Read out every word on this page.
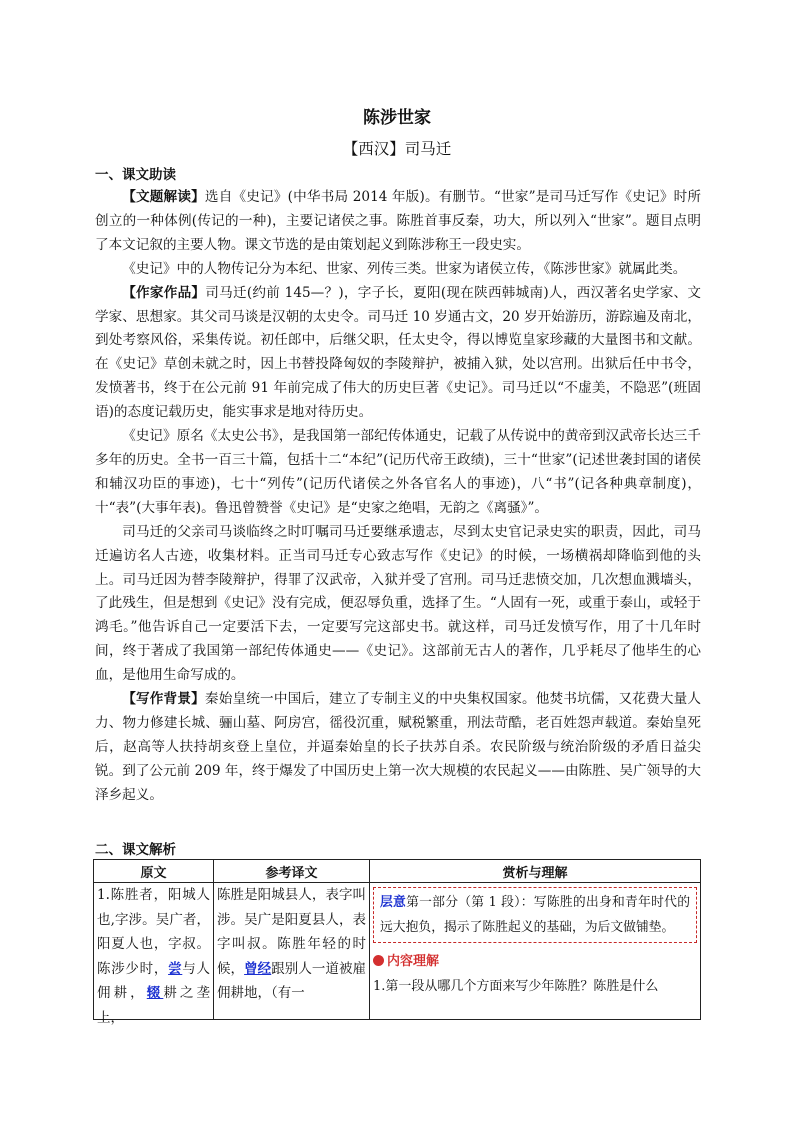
陈涉世家
【西汉】司马迁
一、课文助读

【文题解读】选自《史记》(中华书局 2014 年版)。有删节。“世家”是司马迁写作《史记》时所创立的一种体例(传记的一种)，主要记诸侯之事。陈胜首事反秦，功大，所以列入“世家”。题目点明了本文记叙的主要人物。课文节选的是由策划起义到陈涉称王一段史实。

《史记》中的人物传记分为本纪、世家、列传三类。世家为诸侯立传，《陈涉世家》就属此类。

【作家作品】司马迁(约前 145—？)，字子长，夏阳(现在陕西韩城南)人，西汉著名史学家、文学家、思想家。其父司马谈是汉朝的太史令。司马迁 10 岁通古文，20 岁开始游历，游踪遍及南北，到处考察风俗，采集传说。初任郎中，后继父职，任太史令，得以博览皇家珍藏的大量图书和文献。在《史记》草创未就之时，因上书替投降匈奴的李陵辩护，被捕入狱，处以宫刑。出狱后任中书令，发愤著书，终于在公元前 91 年前完成了伟大的历史巨著《史记》。司马迁以“不虚美，不隐恶”(班固语)的态度记载历史，能实事求是地对待历史。

《史记》原名《太史公书》，是我国第一部纪传体通史，记载了从传说中的黄帝到汉武帝长达三千多年的历史。全书一百三十篇，包括十二“本纪”(记历代帝王政绩)，三十“世家”(记述世袭封国的诸侯和辅汉功臣的事迹)，七十“列传”(记历代诸侯之外各官名人的事迹)，八“书”(记各种典章制度)，十“表”(大事年表)。鲁迅曾赞誉《史记》是“史家之绝唱，无韵之《离骚》”。

司马迁的父亲司马谈临终之时叮嘱司马迁要继承遗志，尽到太史官记录史实的职责，因此，司马迁遍访名人古迹，收集材料。正当司马迁专心致志写作《史记》的时候，一场横祸却降临到他的头上。司马迁因为替李陵辩护，得罪了汉武帝，入狱并受了宫刑。司马迁悲愤交加，几次想血溅墙头，了此残生，但是想到《史记》没有完成，便忍辱负重，选择了生。“人固有一死，或重于泰山，或轻于鸿毛。”他告诉自己一定要活下去，一定要写完这部史书。就这样，司马迁发愤写作，用了十几年时间，终于著成了我国第一部纪传体通史——《史记》。这部前无古人的著作，几乎耗尽了他毕生的心血，是他用生命写成的。

【写作背景】秦始皇统一中国后，建立了专制主义的中央集权国家。他焚书坑儒，又花费大量人力、物力修建长城、骊山墓、阿房宫，徭役沉重，赋税繁重，刑法苛酷，老百姓怨声载道。秦始皇死后，赵高等人扶持胡亥登上皇位，并逼秦始皇的长子扶苏自杀。农民阶级与统治阶级的矛盾日益尖锐。到了公元前 209 年，终于爆发了中国历史上第一次大规模的农民起义——由陈胜、吴广领导的大泽乡起义。

二、课文解析
原文	参考译文	赏析与理解

1.陈胜者，阳城人也,字涉。吴广者，阳夏人也，字叔。陈涉少时，尝与人佣耕，辍耕之垄上，	陈胜是阳城县人，表字叫涉。吴广是阳夏县人，表字叫叔。陈胜年轻的时候，曾经跟别人一道被雇佣耕地，（有一	层意第一部分（第 1 段）：写陈胜的出身和青年时代的远大抱负，揭示了陈胜起义的基础，为后文做铺垫。
内容理解
1.第一段从哪几个方面来写少年陈胜？陈胜是什么
